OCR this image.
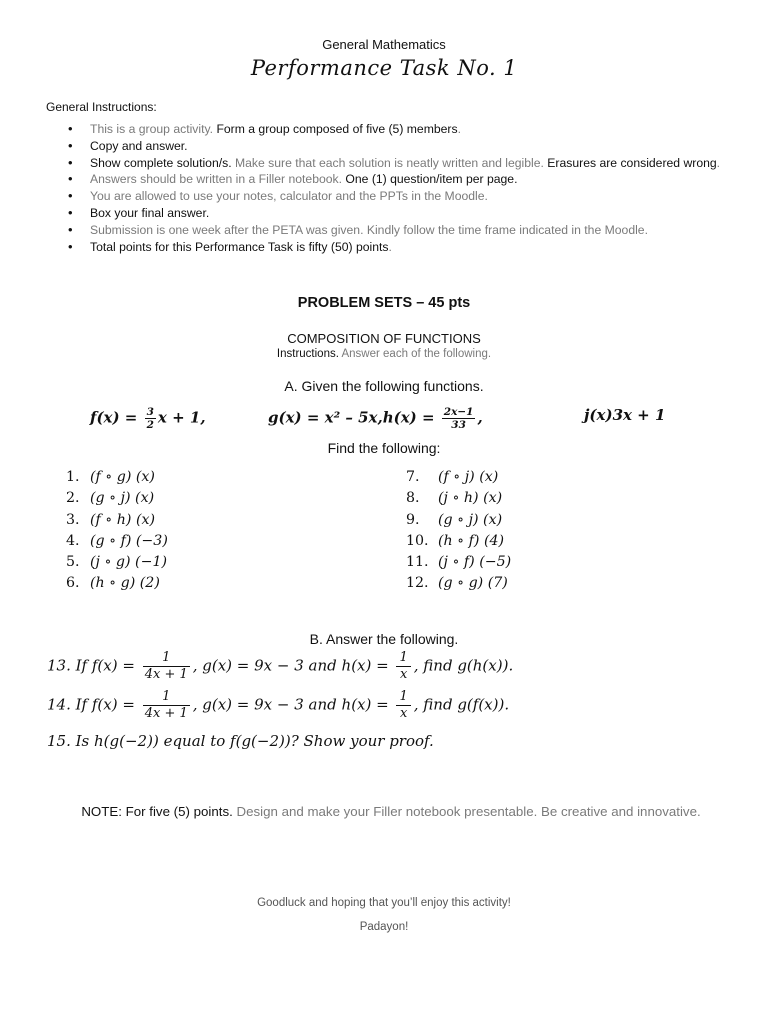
General Mathematics
Performance Task No. 1
General Instructions:
• This is a group activity. Form a group composed of five (5) members.
• Copy and answer.
• Show complete solution/s. Make sure that each solution is neatly written and legible. Erasures are considered wrong.
• Answers should be written in a Filler notebook. One (1) question/item per page.
• You are allowed to use your notes, calculator and the PPTs in the Moodle.
• Box your final answer.
• Submission is one week after the PETA was given. Kindly follow the time frame indicated in the Moodle.
• Total points for this Performance Task is fifty (50) points.
PROBLEM SETS – 45 pts
COMPOSITION OF FUNCTIONS
Instructions. Answer each of the following.
A. Given the following functions.
$f(x) = \frac{3}{2}$ x + 1,	$g(x) = x^2 - 5x,h(x) = \frac{2x-1}{33}$ ,	j(x)3x + 1
Find the following:
1. (f ∘ g) (x)
2. (g ∘ j) (x)
3. (f ∘ h) (x)
4. (g ∘ f) (−3)
5. (j ∘ g) (−1)
6. (h ∘ g) (2)
7. (f ∘ j) (x)
8. (j ∘ h) (x)
9. (g ∘ j) (x)
10. (h ∘ f) (4)
11. (j ∘ f) (−5)
12. (g ∘ g) (7)
B. Answer the following.
13. If $f(x) = \frac{1}{4x + 1}$ , g(x) = 9x − 3 and $h(x) = \frac{1}{x}$ , find g(h(x)).
14. If $f(x) = \frac{1}{4x + 1}$ , g(x) = 9x − 3 and $h(x) = \frac{1}{x}$ , find g(f(x)).
15. Is h(g(−2)) equal to f(g(−2))? Show your proof.
NOTE: For five (5) points. Design and make your Filler notebook presentable. Be creative and innovative.
Goodluck and hoping that you’ll enjoy this activity!
Padayon!
